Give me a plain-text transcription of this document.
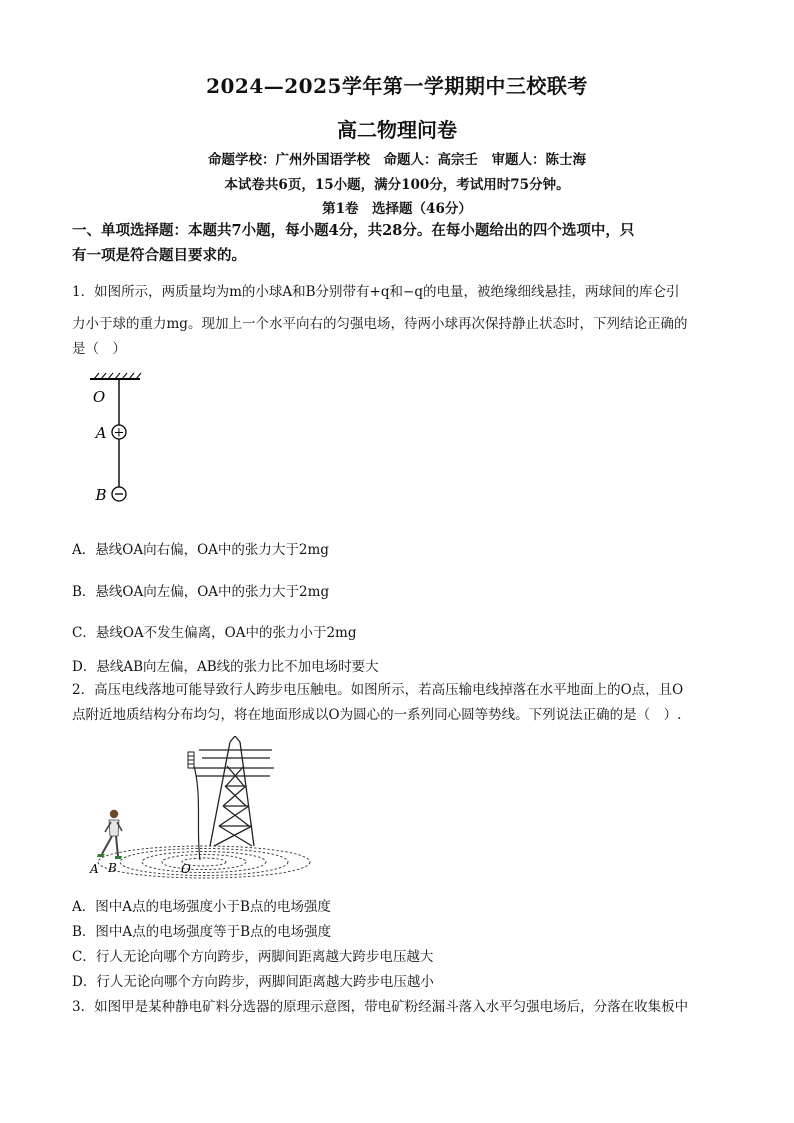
2024—2025学年第一学期期中三校联考
高二物理问卷
命题学校：广州外国语学校　命题人：高宗壬　审题人：陈士海
本试卷共6页，15小题，满分100分，考试用时75分钟。
第1卷　选择题（46分）
一、单项选择题：本题共7小题，每小题4分，共28分。在每小题给出的四个选项中，只
有一项是符合题目要求的。
1．如图所示，两质量均为m的小球A和B分别带有+q和−q的电量，被绝缘细线悬挂，两球间的库仑引
力小于球的重力mg。现加上一个水平向右的匀强电场，待两小球再次保持静止状态时，下列结论正确的
是（　）
+
O
A
B
A．悬线OA向右偏，OA中的张力大于2mg
B．悬线OA向左偏，OA中的张力大于2mg
C．悬线OA不发生偏离，OA中的张力小于2mg
D．悬线AB向左偏，AB线的张力比不加电场时要大
2．高压电线落地可能导致行人跨步电压触电。如图所示，若高压输电线掉落在水平地面上的O点，且O
点附近地质结构分布均匀，将在地面形成以O为圆心的一系列同心圆等势线。下列说法正确的是（　）.
A B	O
A．图中A点的电场强度小于B点的电场强度
B．图中A点的电场强度等于B点的电场强度
C．行人无论向哪个方向跨步，两脚间距离越大跨步电压越大
D．行人无论向哪个方向跨步，两脚间距离越大跨步电压越小
3．如图甲是某种静电矿料分选器的原理示意图，带电矿粉经漏斗落入水平匀强电场后，分落在收集板中
